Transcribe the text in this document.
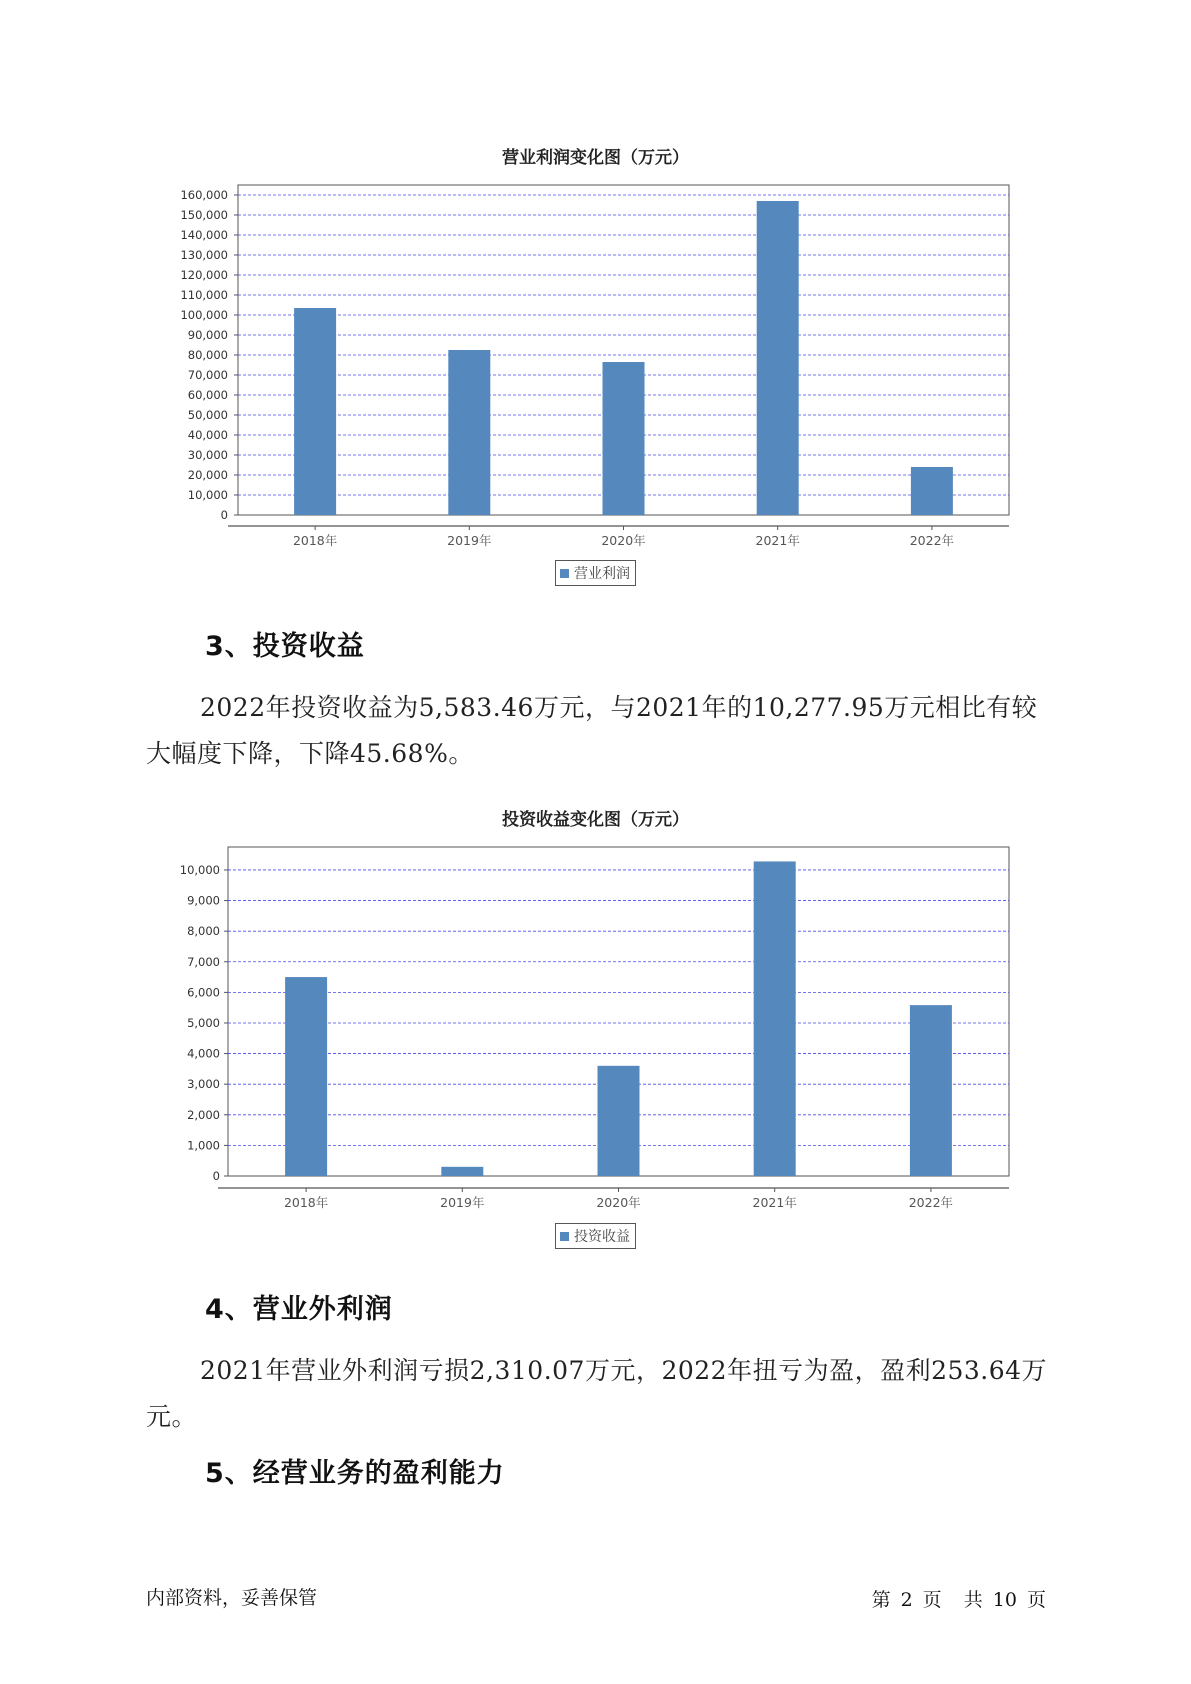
营业利润变化图（万元）
0
10,000
20,000
30,000
40,000
50,000
60,000
70,000
80,000
90,000
100,000
110,000
120,000
130,000
140,000
150,000
160,000
2018年	2019年	2020年	2021年	2022年
营业利润
3、投资收益
2022年投资收益为5,583.46万元，与2021年的10,277.95万元相比有较大幅度下降，下降45.68%。
投资收益变化图（万元）
0
1,000
2,000
3,000
4,000
5,000
6,000
7,000
8,000
9,000
10,000
2018年	2019年	2020年	2021年	2022年
投资收益
4、营业外利润
2021年营业外利润亏损2,310.07万元，2022年扭亏为盈，盈利253.64万元。
5、经营业务的盈利能力
内部资料，妥善保管	第 2 页 共 10 页
